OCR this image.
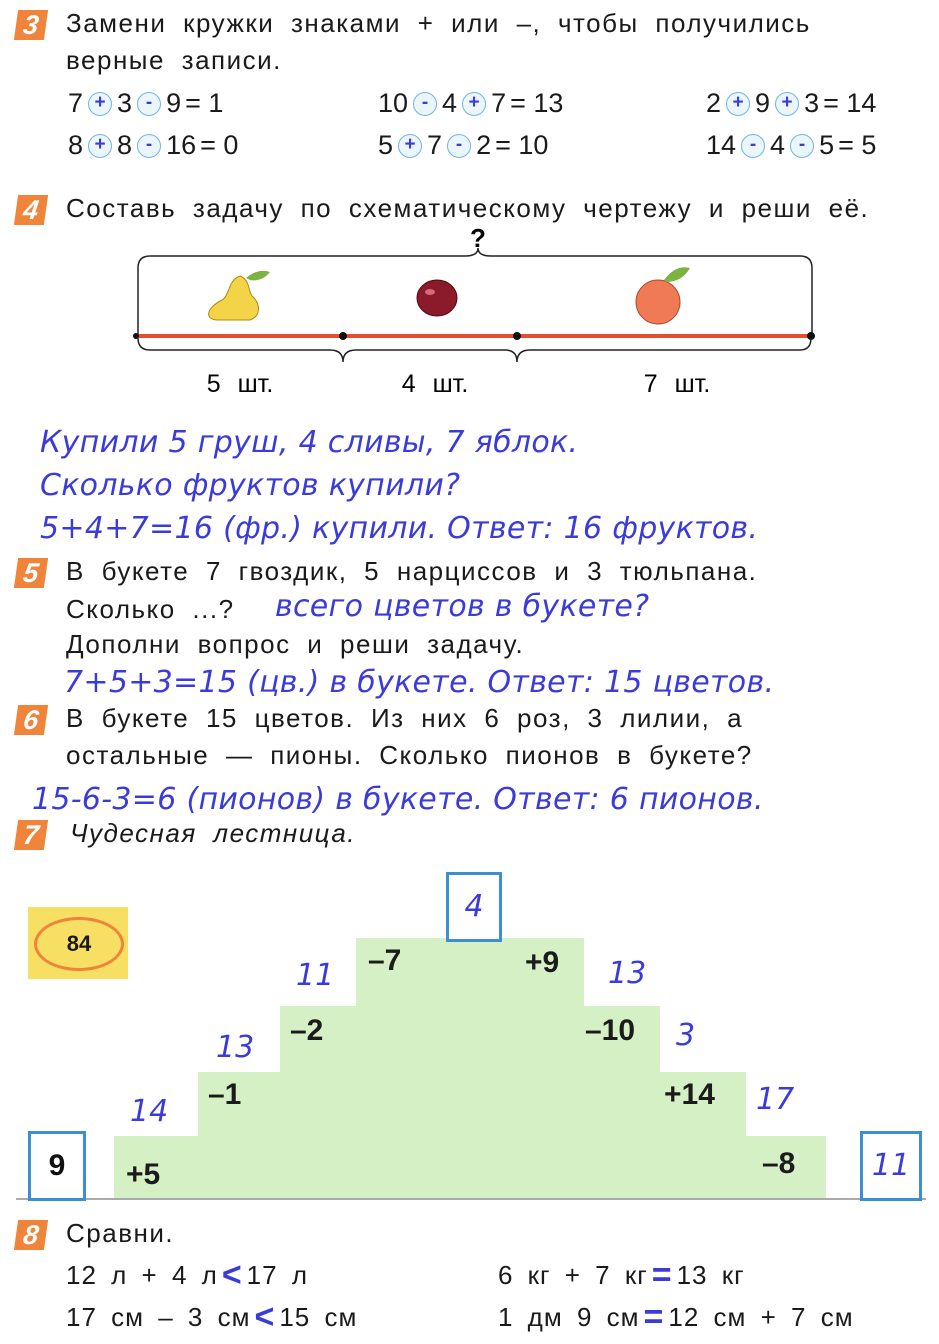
3 Замени кружки знаками + или –, чтобы получились
верные записи.
7 + 3 - 9 = 1	10 - 4 + 7 = 13	2 + 9 + 3 = 14
8 + 8 - 16 = 0	5 + 7 - 2 = 10	14 - 4 - 5 = 5
4 Составь задачу по схематическому чертежу и реши её.
?
5 шт.	4 шт.	7 шт.
Купили 5 груш, 4 сливы, 7 яблок.
Сколько фруктов купили?
5+4+7=16 (фр.) купили. Ответ: 16 фруктов.
5 В букете 7 гвоздик, 5 нарциссов и 3 тюльпана.
Сколько ...? всего цветов в букете?
Дополни вопрос и реши задачу.
7+5+3=15 (цв.) в букете. Ответ: 15 цветов.
6 В букете 15 цветов. Из них 6 роз, 3 лилии, а
остальные — пионы. Сколько пионов в букете?
15-6-3=6 (пионов) в букете. Ответ: 6 пионов.
7 Чудесная лестница.
84
9
4
11
+5
–1
–2
–7	+9
–10
+14
–8
14
13
11	13
3
17
8 Сравни.
12 л + 4 л < 17 л	6 кг + 7 кг = 13 кг
17 см – 3 см < 15 см	1 дм 9 см = 12 см + 7 см
